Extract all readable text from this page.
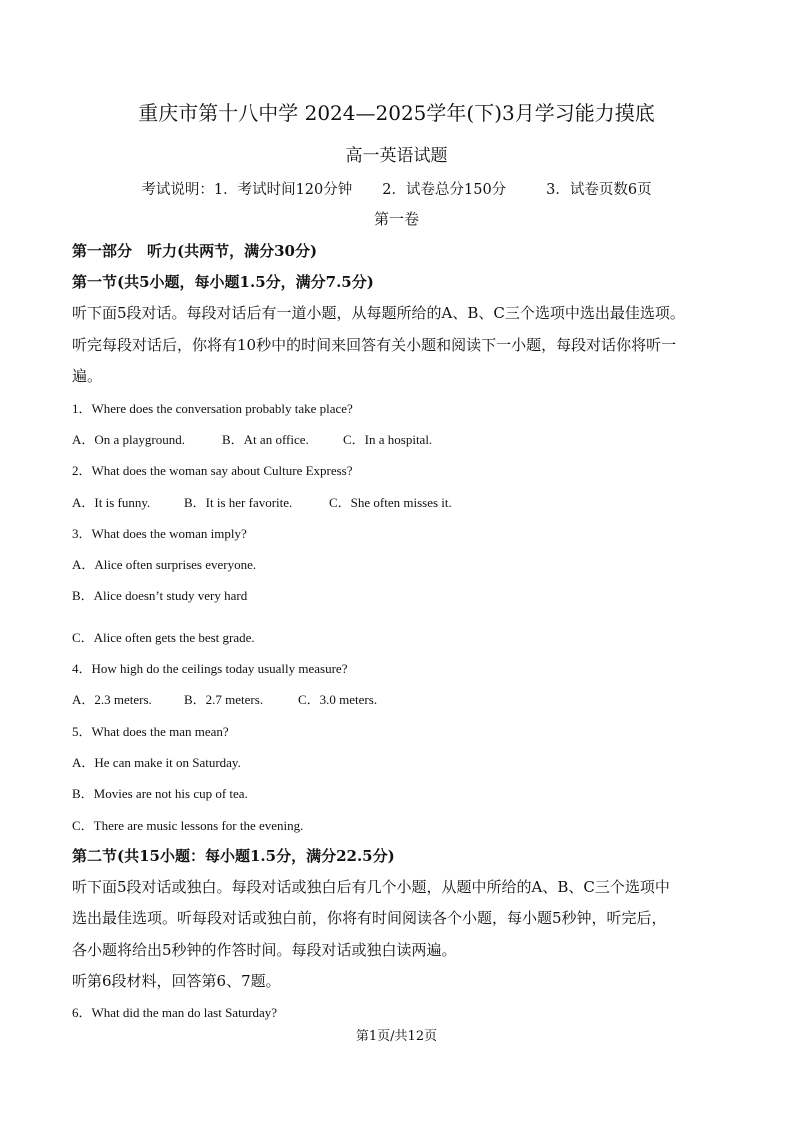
重庆市第十八中学 2024—2025学年(下)3月学习能力摸底
高一英语试题
考试说明：1．考试时间120分钟 2．试卷总分150分	3．试卷页数6页
第一卷
第一部分　听力(共两节，满分30分)
第一节(共5小题，每小题1.5分，满分7.5分)
听下面5段对话。每段对话后有一道小题，从每题所给的A、B、C三个选项中选出最佳选项。
听完每段对话后，你将有10秒中的时间来回答有关小题和阅读下一小题，每段对话你将听一
遍。
1．Where does the conversation probably take place?
A．On a playground.	B．At an office.	C．In a hospital.
2．What does the woman say about Culture Express?
A．It is funny.	B．It is her favorite.	C．She often misses it.
3．What does the woman imply?
A．Alice often surprises everyone.
B．Alice doesn’t study very hard
C．Alice often gets the best grade.
4．How high do the ceilings today usually measure?
A．2.3 meters. B．2.7 meters.	C．3.0 meters.
5．What does the man mean?
A．He can make it on Saturday.
B．Movies are not his cup of tea.
C．There are music lessons for the evening.
第二节(共15小题：每小题1.5分，满分22.5分)
听下面5段对话或独白。每段对话或独白后有几个小题，从题中所给的A、B、C三个选项中
选出最佳选项。听每段对话或独白前，你将有时间阅读各个小题，每小题5秒钟，听完后，
各小题将给出5秒钟的作答时间。每段对话或独白读两遍。
听第6段材料，回答第6、7题。
6．What did the man do last Saturday?
第1页/共12页
